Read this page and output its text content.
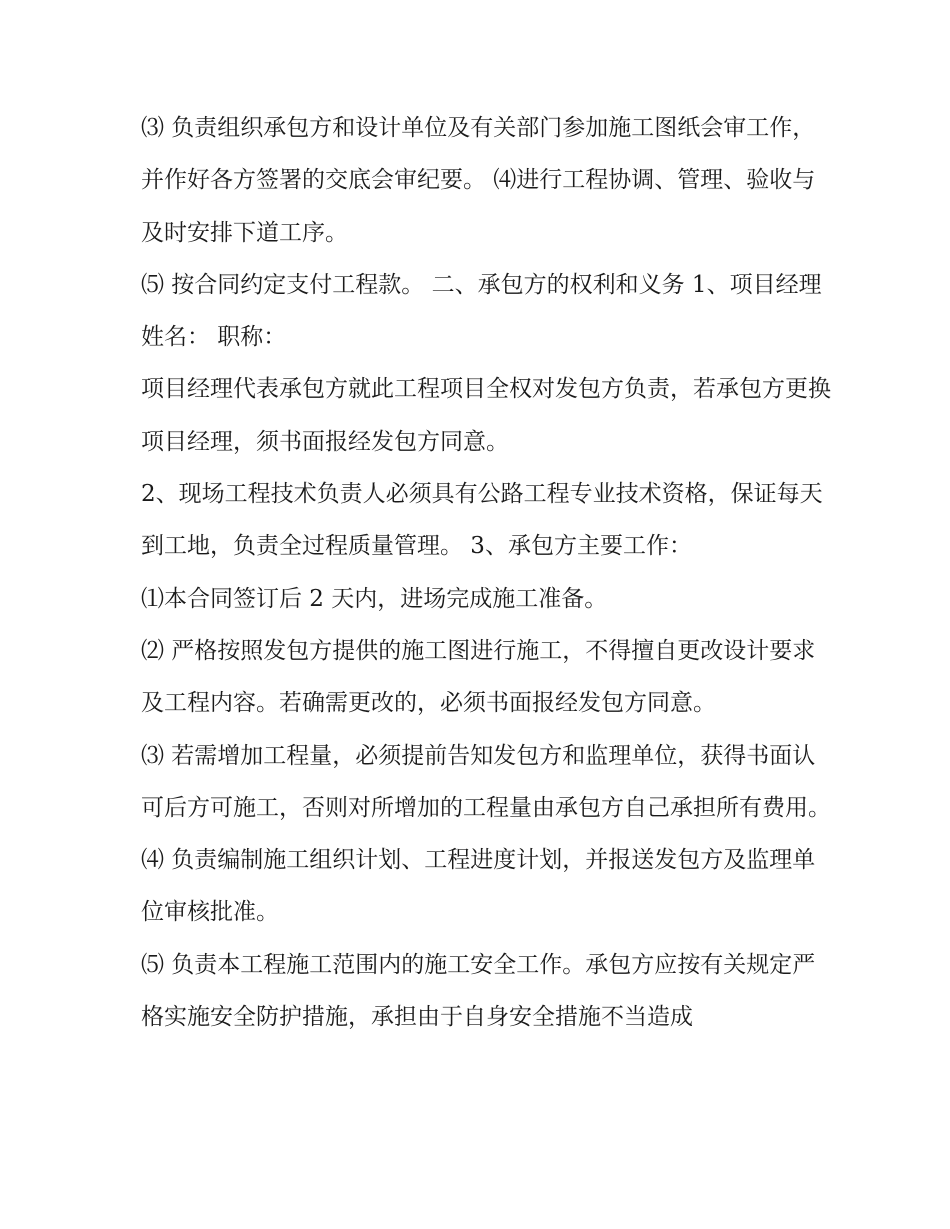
⑶ 负责组织承包方和设计单位及有关部门参加施工图纸会审工作，并作好各方签署的交底会审纪要。 ⑷进行工程协调、管理、验收与及时安排下道工序。

⑸ 按合同约定支付工程款。 二、承包方的权利和义务 1、项目经理 姓名： 职称：

项目经理代表承包方就此工程项目全权对发包方负责，若承包方更换项目经理，须书面报经发包方同意。

2、现场工程技术负责人必须具有公路工程专业技术资格，保证每天到工地，负责全过程质量管理。 3、承包方主要工作：

⑴本合同签订后 2 天内，进场完成施工准备。

⑵ 严格按照发包方提供的施工图进行施工，不得擅自更改设计要求及工程内容。若确需更改的，必须书面报经发包方同意。

⑶ 若需增加工程量，必须提前告知发包方和监理单位，获得书面认可后方可施工，否则对所增加的工程量由承包方自己承担所有费用。

⑷ 负责编制施工组织计划、工程进度计划，并报送发包方及监理单位审核批准。

⑸ 负责本工程施工范围内的施工安全工作。承包方应按有关规定严格实施安全防护措施，承担由于自身安全措施不当造成
